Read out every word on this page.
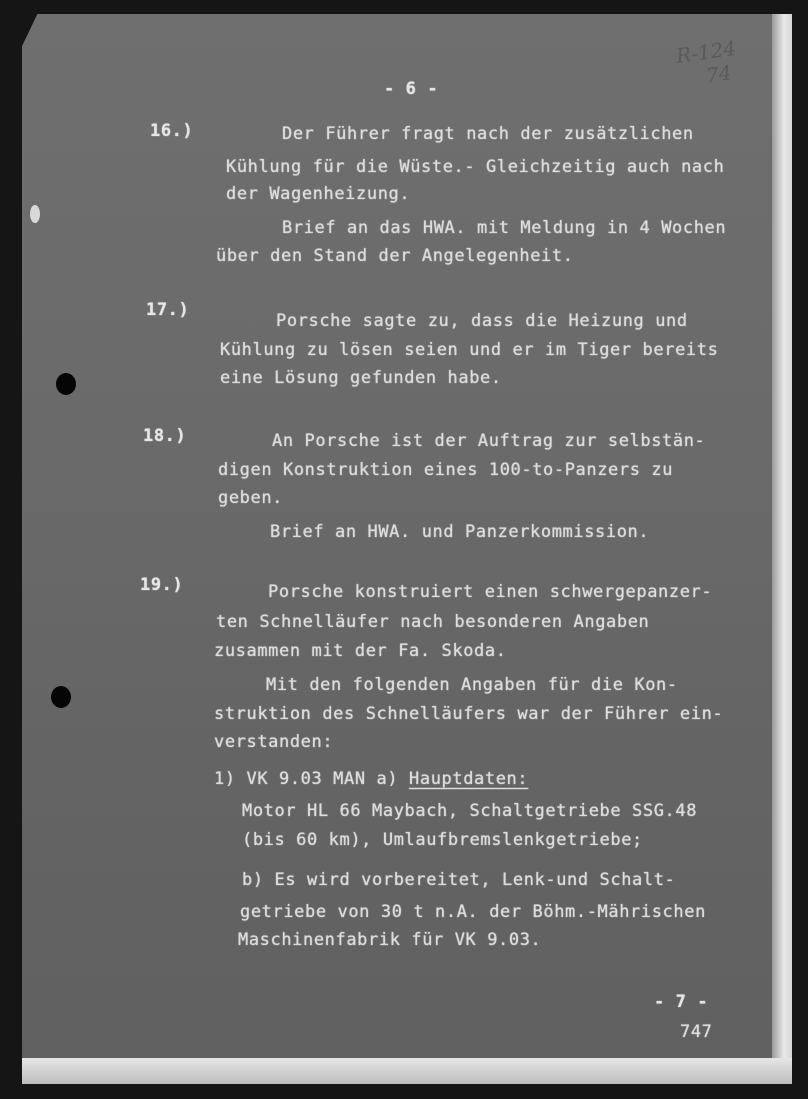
R-124
74
- 6 -
16.)	Der Führer fragt nach der zusätzlichen
Kühlung für die Wüste.- Gleichzeitig auch nach
der Wagenheizung.
Brief an das HWA. mit Meldung in 4 Wochen
über den Stand der Angelegenheit.
17.)
Porsche sagte zu, dass die Heizung und
Kühlung zu lösen seien und er im Tiger bereits
eine Lösung gefunden habe.
18.)	An Porsche ist der Auftrag zur selbstän-
digen Konstruktion eines 100-to-Panzers zu
geben.
Brief an HWA. und Panzerkommission.
19.)	Porsche konstruiert einen schwergepanzer-
ten Schnelläufer nach besonderen Angaben
zusammen mit der Fa. Skoda.
Mit den folgenden Angaben für die Kon-
struktion des Schnelläufers war der Führer ein-
verstanden:
1) VK 9.03 MAN a) Hauptdaten:
Motor HL 66 Maybach, Schaltgetriebe SSG.48
(bis 60 km), Umlaufbremslenkgetriebe;
b) Es wird vorbereitet, Lenk-und Schalt-
getriebe von 30 t n.A. der Böhm.-Mährischen
Maschinenfabrik für VK 9.03.
- 7 -
747
